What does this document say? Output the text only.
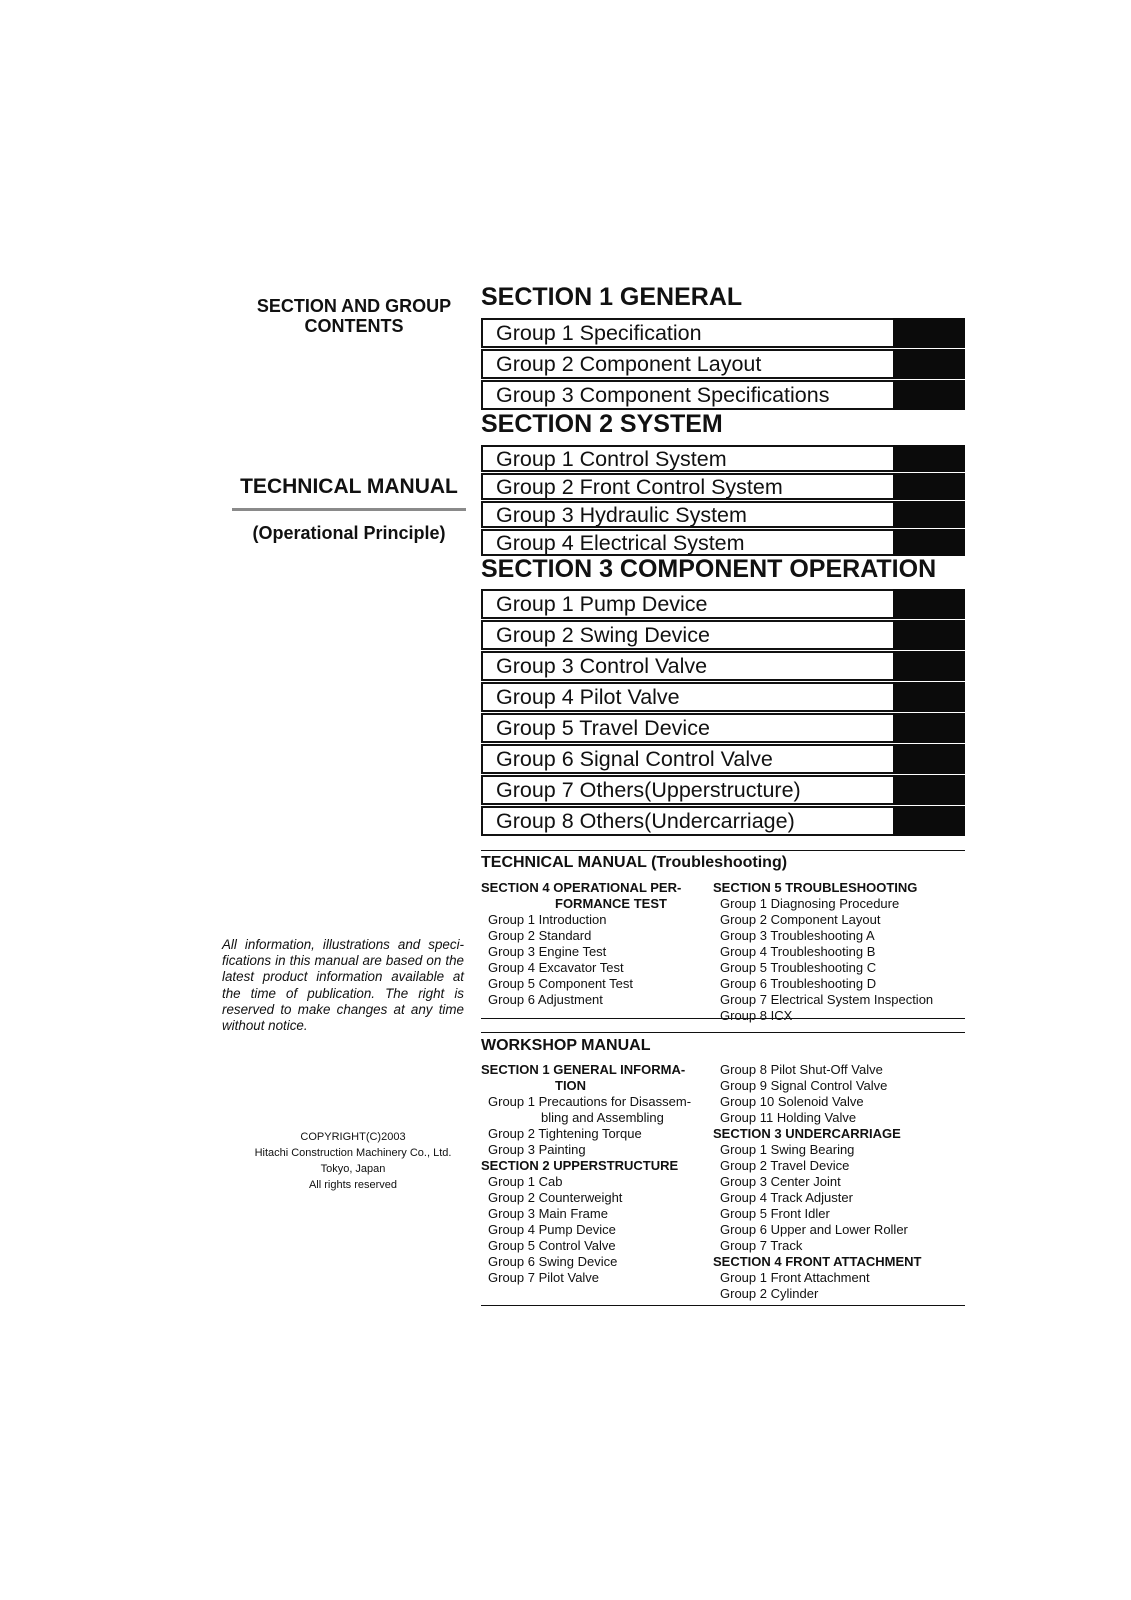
SECTION AND GROUP
CONTENTS
TECHNICAL MANUAL
(Operational Principle)
All information, illustrations and speci-fications in this manual are based on the latest product information available at the time of publication. The right is reserved to make changes at any time without notice.
COPYRIGHT(C)2003
Hitachi Construction Machinery Co., Ltd.
Tokyo, Japan
All rights reserved
SECTION 1 GENERAL
Group 1 Specification
Group 2 Component Layout
Group 3 Component Specifications
SECTION 2 SYSTEM
Group 1 Control System
Group 2 Front Control System
Group 3 Hydraulic System
Group 4 Electrical System
SECTION 3 COMPONENT OPERATION
Group 1 Pump Device
Group 2 Swing Device
Group 3 Control Valve
Group 4 Pilot Valve
Group 5 Travel Device
Group 6 Signal Control Valve
Group 7 Others(Upperstructure)
Group 8 Others(Undercarriage)
TECHNICAL MANUAL (Troubleshooting)
SECTION 4 OPERATIONAL PER-
FORMANCE TEST
Group 1 Introduction
Group 2 Standard
Group 3 Engine Test
Group 4 Excavator Test
Group 5 Component Test
Group 6 Adjustment
SECTION 5 TROUBLESHOOTING
Group 1 Diagnosing Procedure
Group 2 Component Layout
Group 3 Troubleshooting A
Group 4 Troubleshooting B
Group 5 Troubleshooting C
Group 6 Troubleshooting D
Group 7 Electrical System Inspection
Group 8 ICX
WORKSHOP MANUAL
SECTION 1 GENERAL INFORMA-
TION
Group 1 Precautions for Disassem-
bling and Assembling
Group 2 Tightening Torque
Group 3 Painting
SECTION 2 UPPERSTRUCTURE
Group 1 Cab
Group 2 Counterweight
Group 3 Main Frame
Group 4 Pump Device
Group 5 Control Valve
Group 6 Swing Device
Group 7 Pilot Valve
Group 8 Pilot Shut-Off Valve
Group 9 Signal Control Valve
Group 10 Solenoid Valve
Group 11 Holding Valve
SECTION 3 UNDERCARRIAGE
Group 1 Swing Bearing
Group 2 Travel Device
Group 3 Center Joint
Group 4 Track Adjuster
Group 5 Front Idler
Group 6 Upper and Lower Roller
Group 7 Track
SECTION 4 FRONT ATTACHMENT
Group 1 Front Attachment
Group 2 Cylinder
